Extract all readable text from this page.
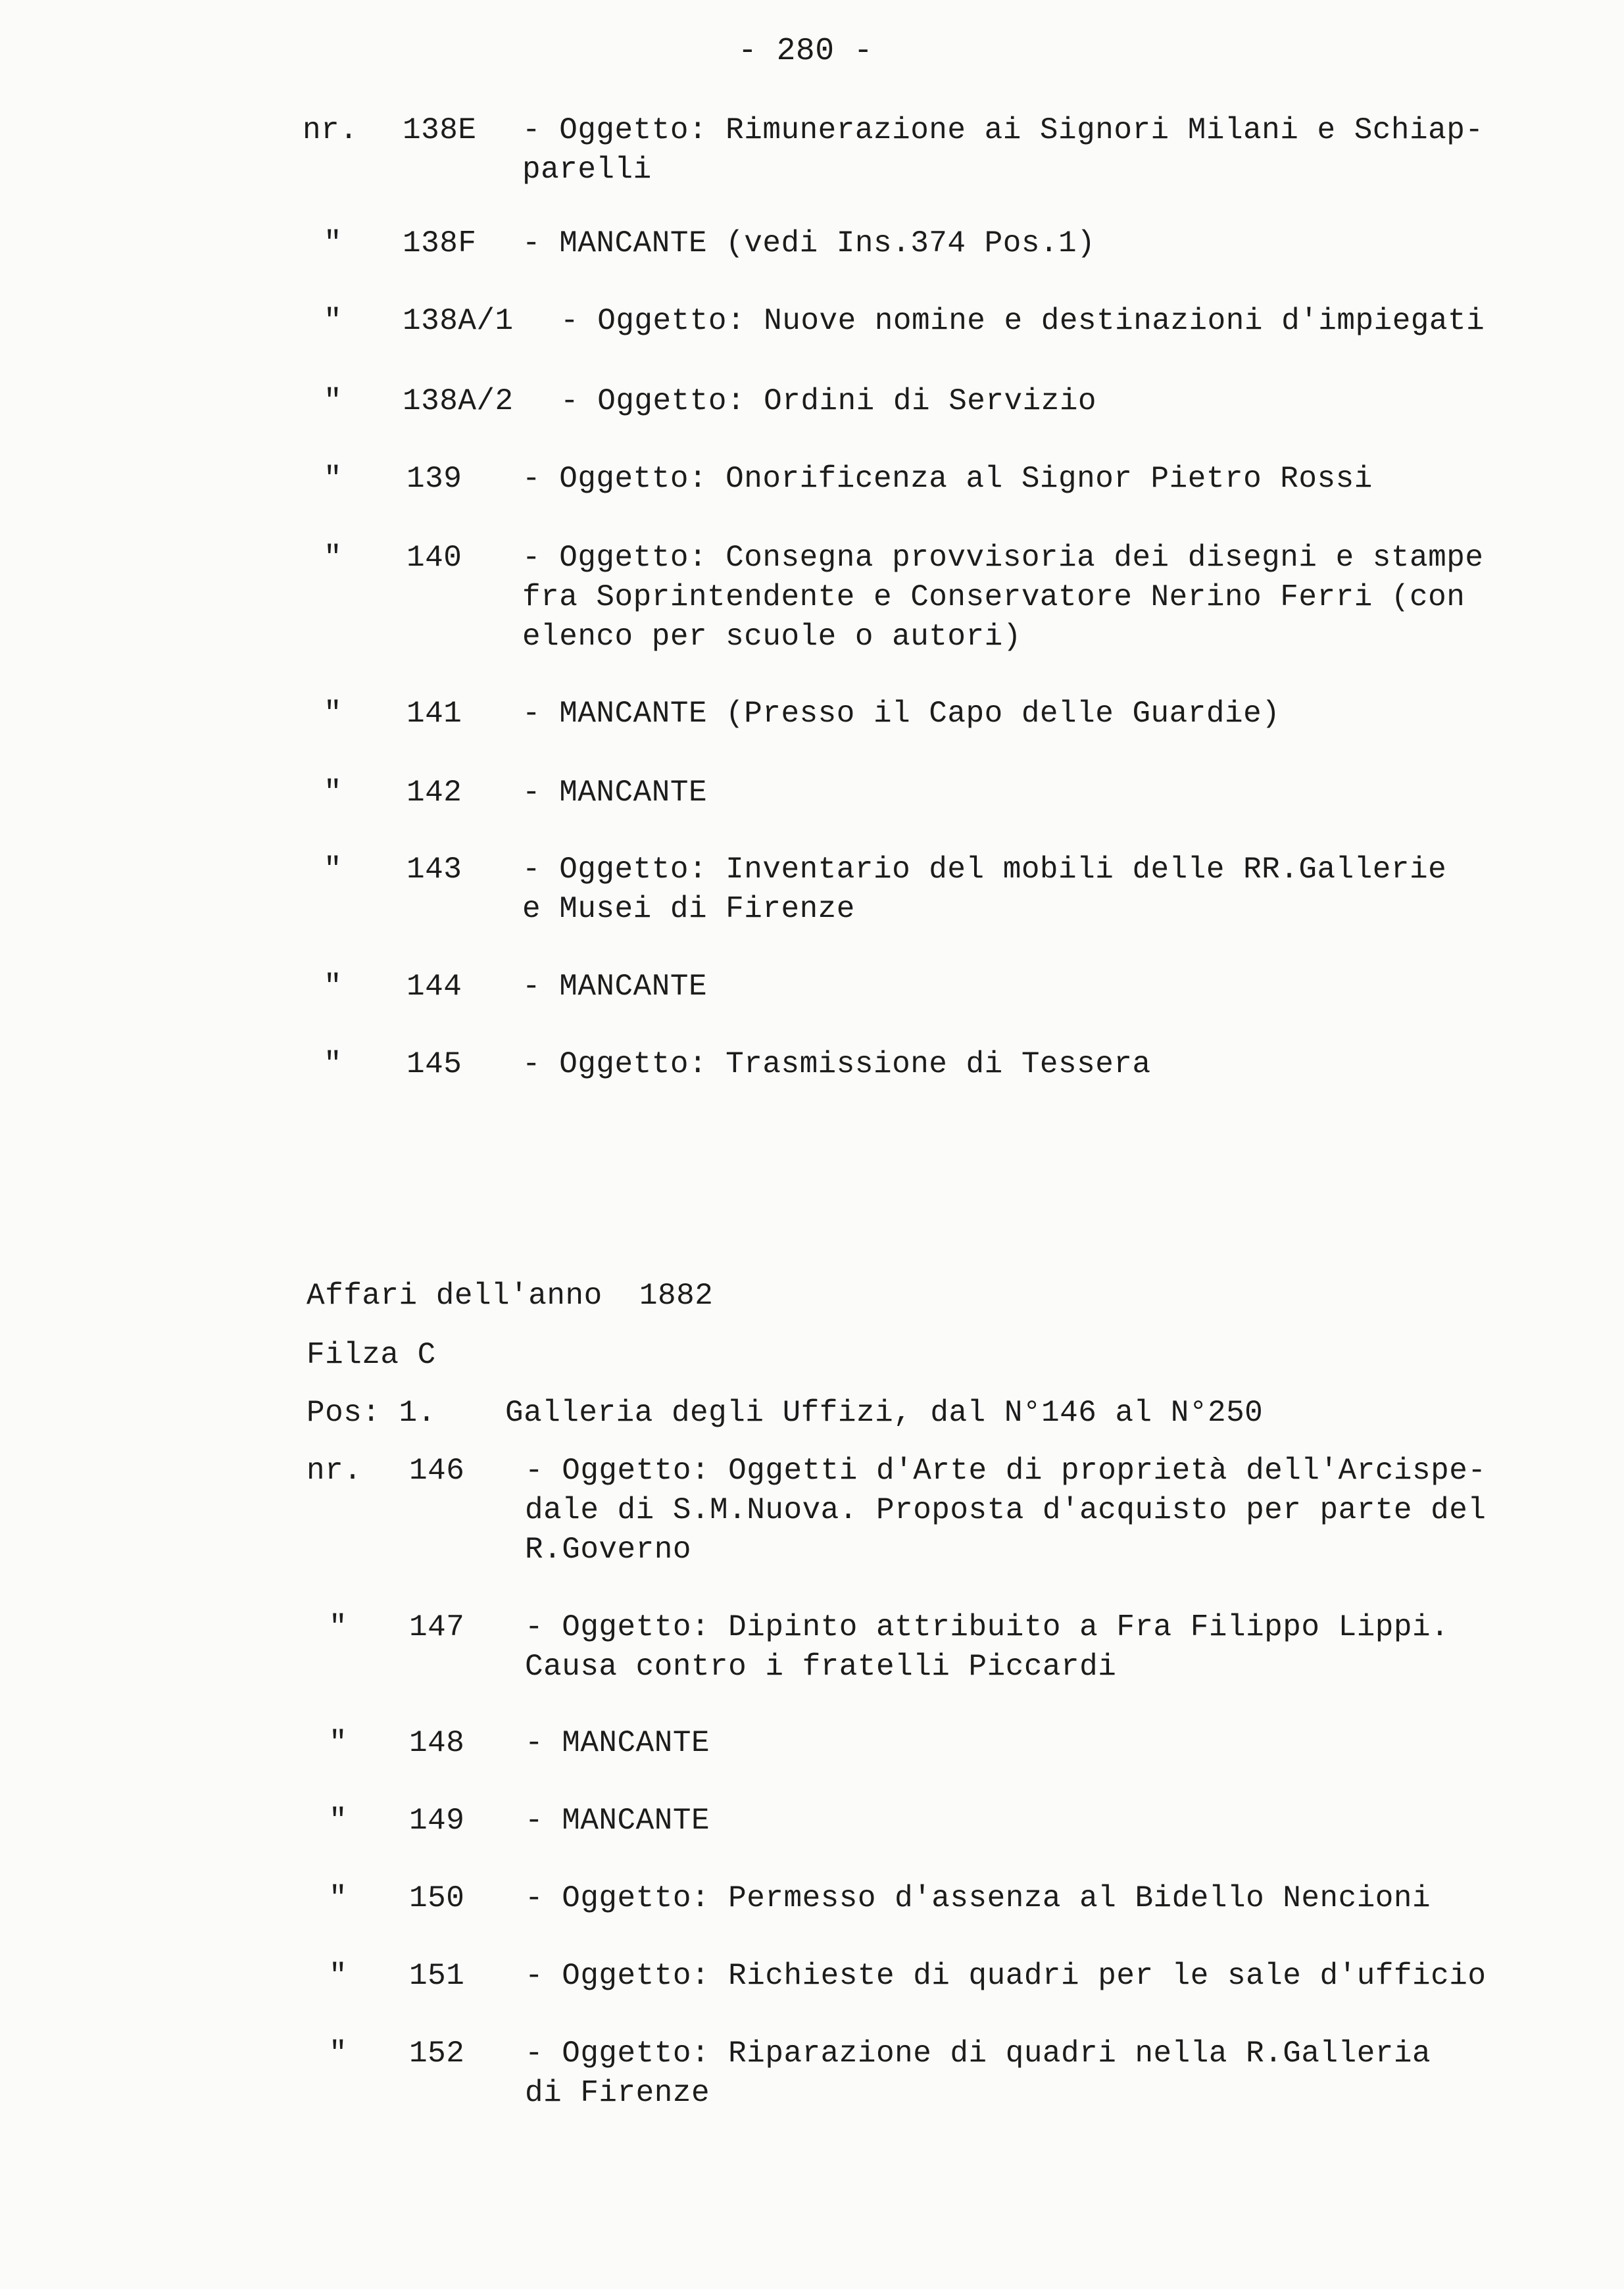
- 280 -
nr. 138E - Oggetto: Rimunerazione ai Signori Milani e Schiap-
parelli
" 138F - MANCANTE (vedi Ins.374 Pos.1)
" 138A/1 - Oggetto: Nuove nomine e destinazioni d'impiegati
" 138A/2 - Oggetto: Ordini di Servizio
" 139 - Oggetto: Onorificenza al Signor Pietro Rossi
" 140 - Oggetto: Consegna provvisoria dei disegni e stampe
fra Soprintendente e Conservatore Nerino Ferri (con
elenco per scuole o autori)
" 141 - MANCANTE (Presso il Capo delle Guardie)
" 142 - MANCANTE
" 143 - Oggetto: Inventario del mobili delle RR.Gallerie
e Musei di Firenze
" 144 - MANCANTE
" 145 - Oggetto: Trasmissione di Tessera
Affari dell'anno  1882
Filza C
Pos: 1. Galleria degli Uffizi, dal N°146 al N°250
nr. 146 - Oggetto: Oggetti d'Arte di proprietà dell'Arcispe-
dale di S.M.Nuova. Proposta d'acquisto per parte del
R.Governo
" 147 - Oggetto: Dipinto attribuito a Fra Filippo Lippi.
Causa contro i fratelli Piccardi
" 148 - MANCANTE
" 149 - MANCANTE
" 150 - Oggetto: Permesso d'assenza al Bidello Nencioni
" 151 - Oggetto: Richieste di quadri per le sale d'ufficio
" 152 - Oggetto: Riparazione di quadri nella R.Galleria
di Firenze
